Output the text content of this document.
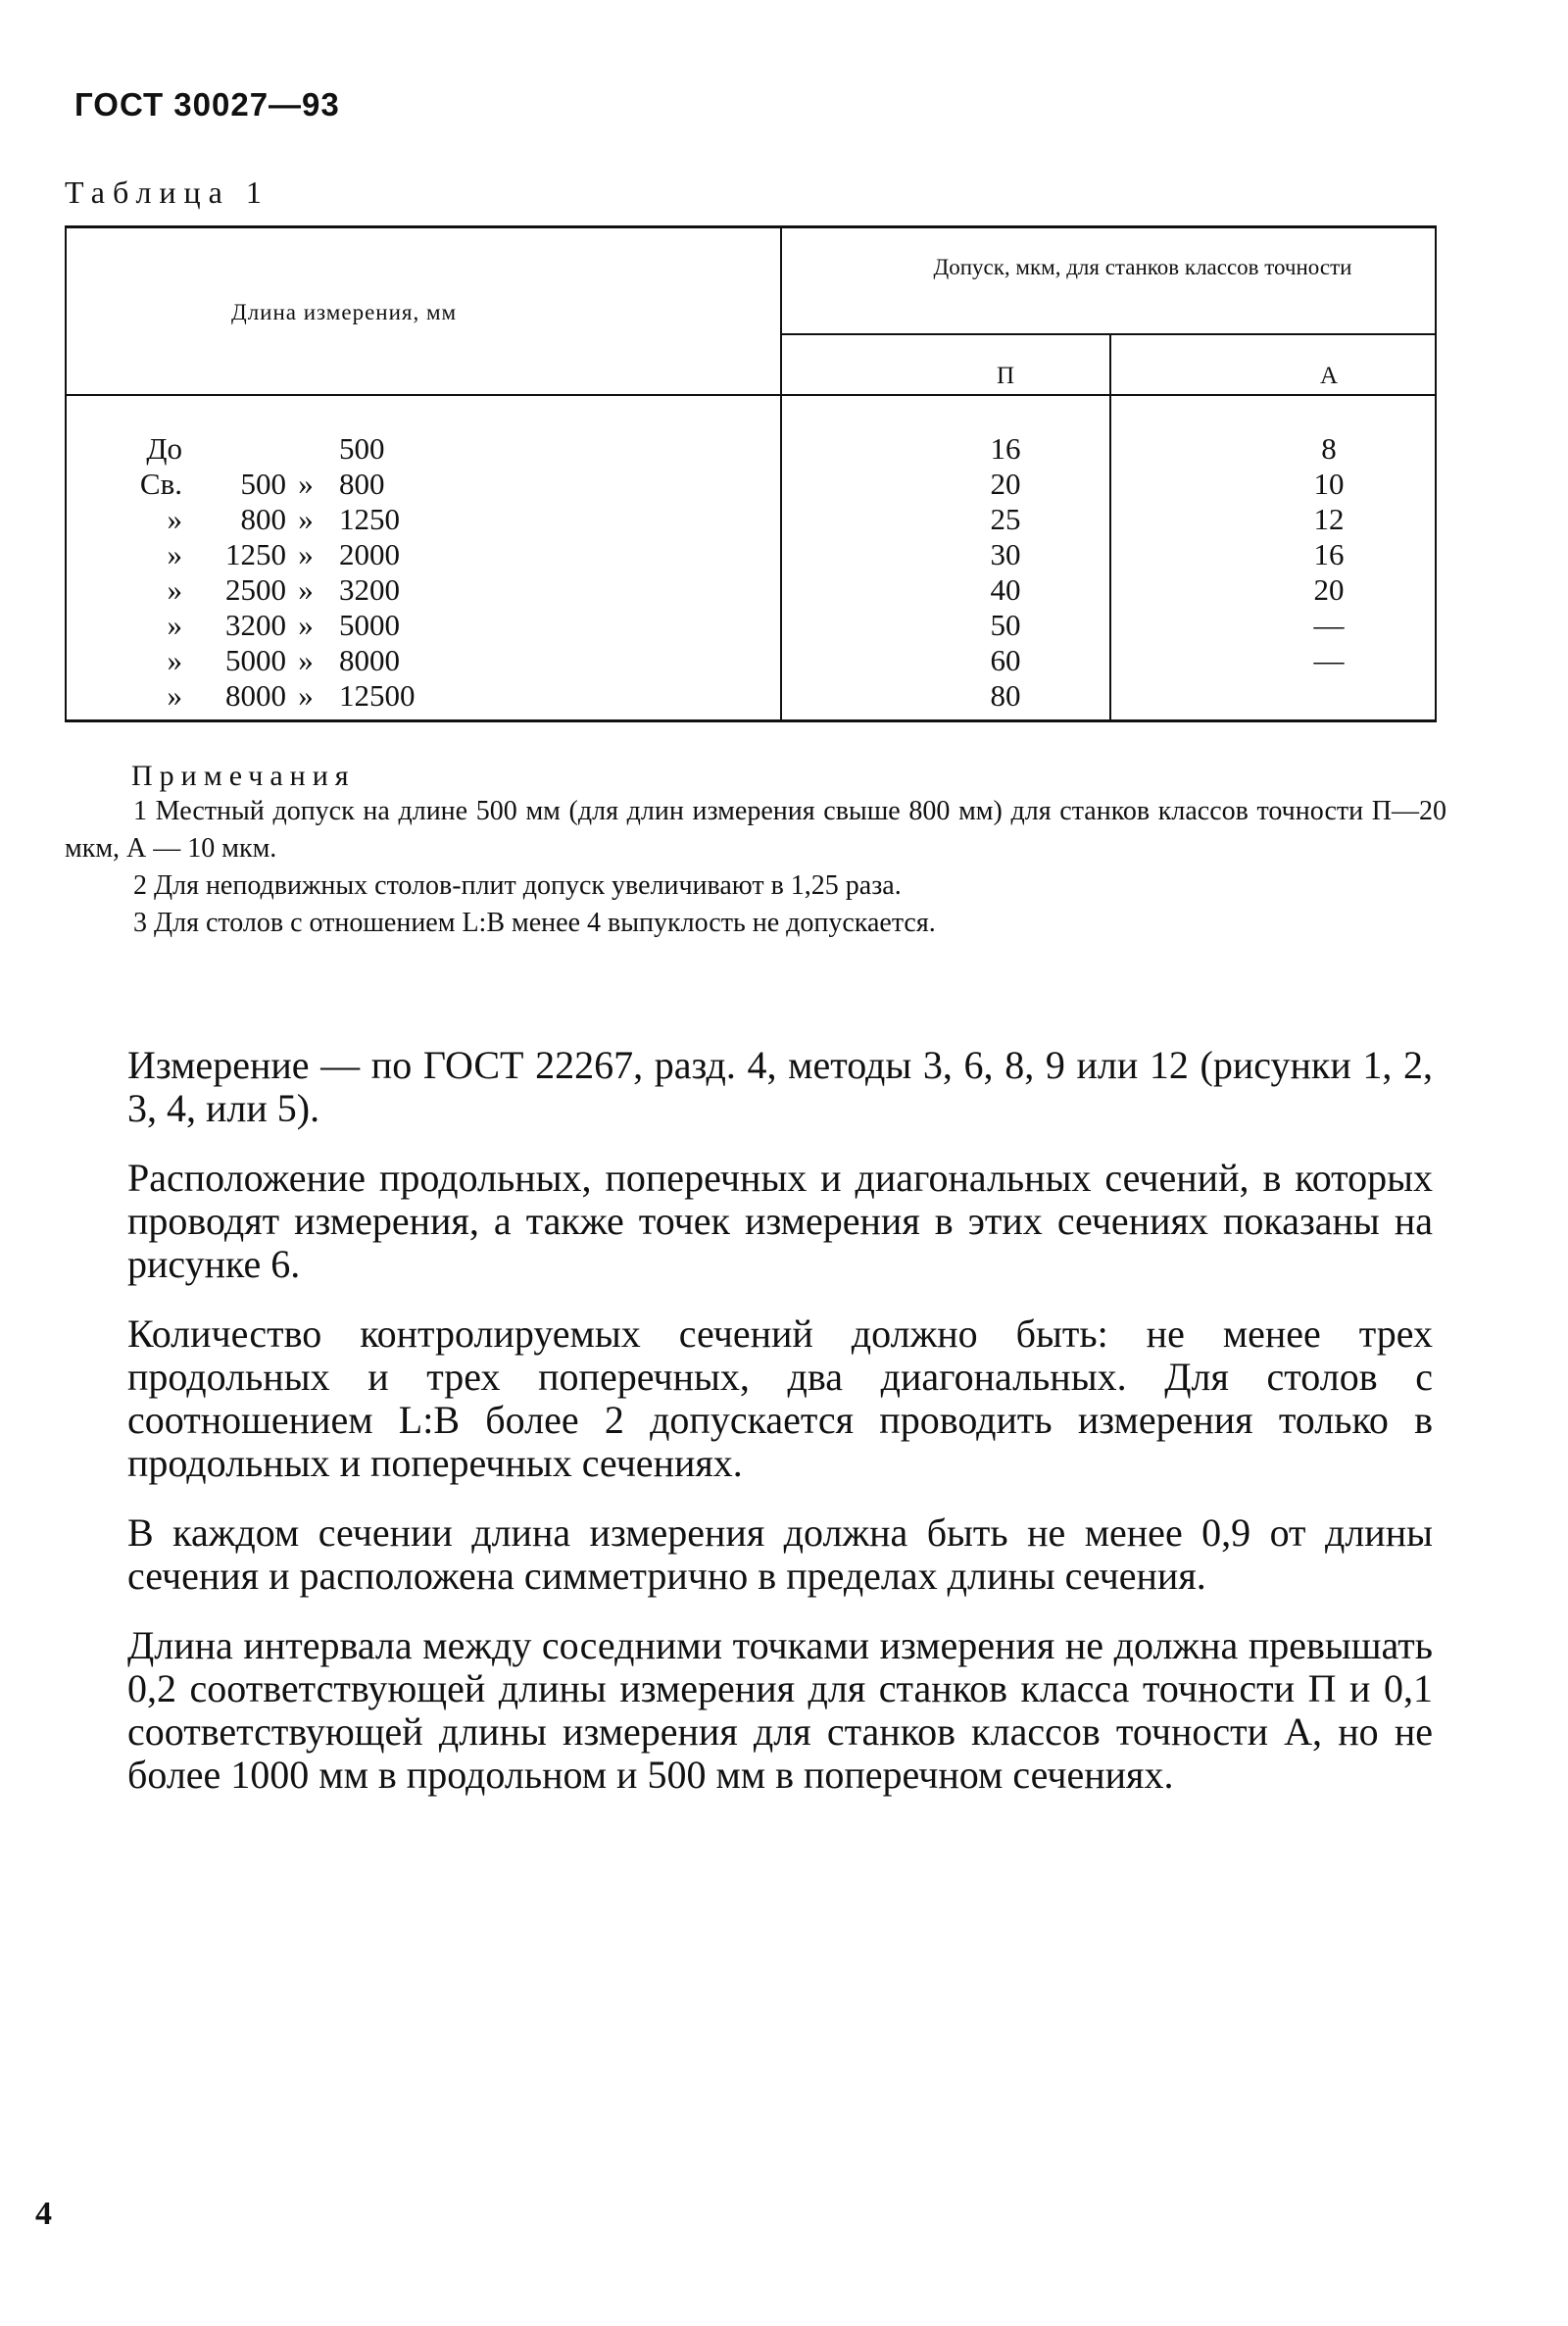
ГОСТ 30027—93
Таблица 1
Длина измерения, мм
Допуск, мкм, для станков классов точности
П	А
До	500	16	8
Св.	500 » 800	20	10
»	800 » 1250	25	12
»	1250 » 2000	30	16
»	2500 » 3200	40	20
»	3200 » 5000	50	—
»	5000 » 8000	60	—
»	8000 » 12500	80
Примечания
1 Местный допуск на длине 500 мм (для длин измерения свыше 800 мм) для станков классов точности П—20 мкм, А — 10 мкм.
2 Для неподвижных столов-плит допуск увеличивают в 1,25 раза.
3 Для столов с отношением L:B менее 4 выпуклость не допускается.

Измерение — по ГОСТ 22267, разд. 4, методы 3, 6, 8, 9 или 12 (рисунки 1, 2, 3, 4, или 5).

Расположение продольных, поперечных и диагональных сечений, в которых проводят измерения, а также точек измерения в этих сечениях показаны на рисунке 6.

Количество контролируемых сечений должно быть: не менее трех продольных и трех поперечных, два диагональных. Для столов с соотношением L:B более 2 допускается проводить измерения только в продольных и поперечных сечениях.

В каждом сечении длина измерения должна быть не менее 0,9 от длины сечения и расположена симметрично в пределах длины сечения.

Длина интервала между соседними точками измерения не должна превышать 0,2 соответствующей длины измерения для станков класса точности П и 0,1 соответствующей длины измерения для станков классов точности А, но не более 1000 мм в продольном и 500 мм в поперечном сечениях.

4
